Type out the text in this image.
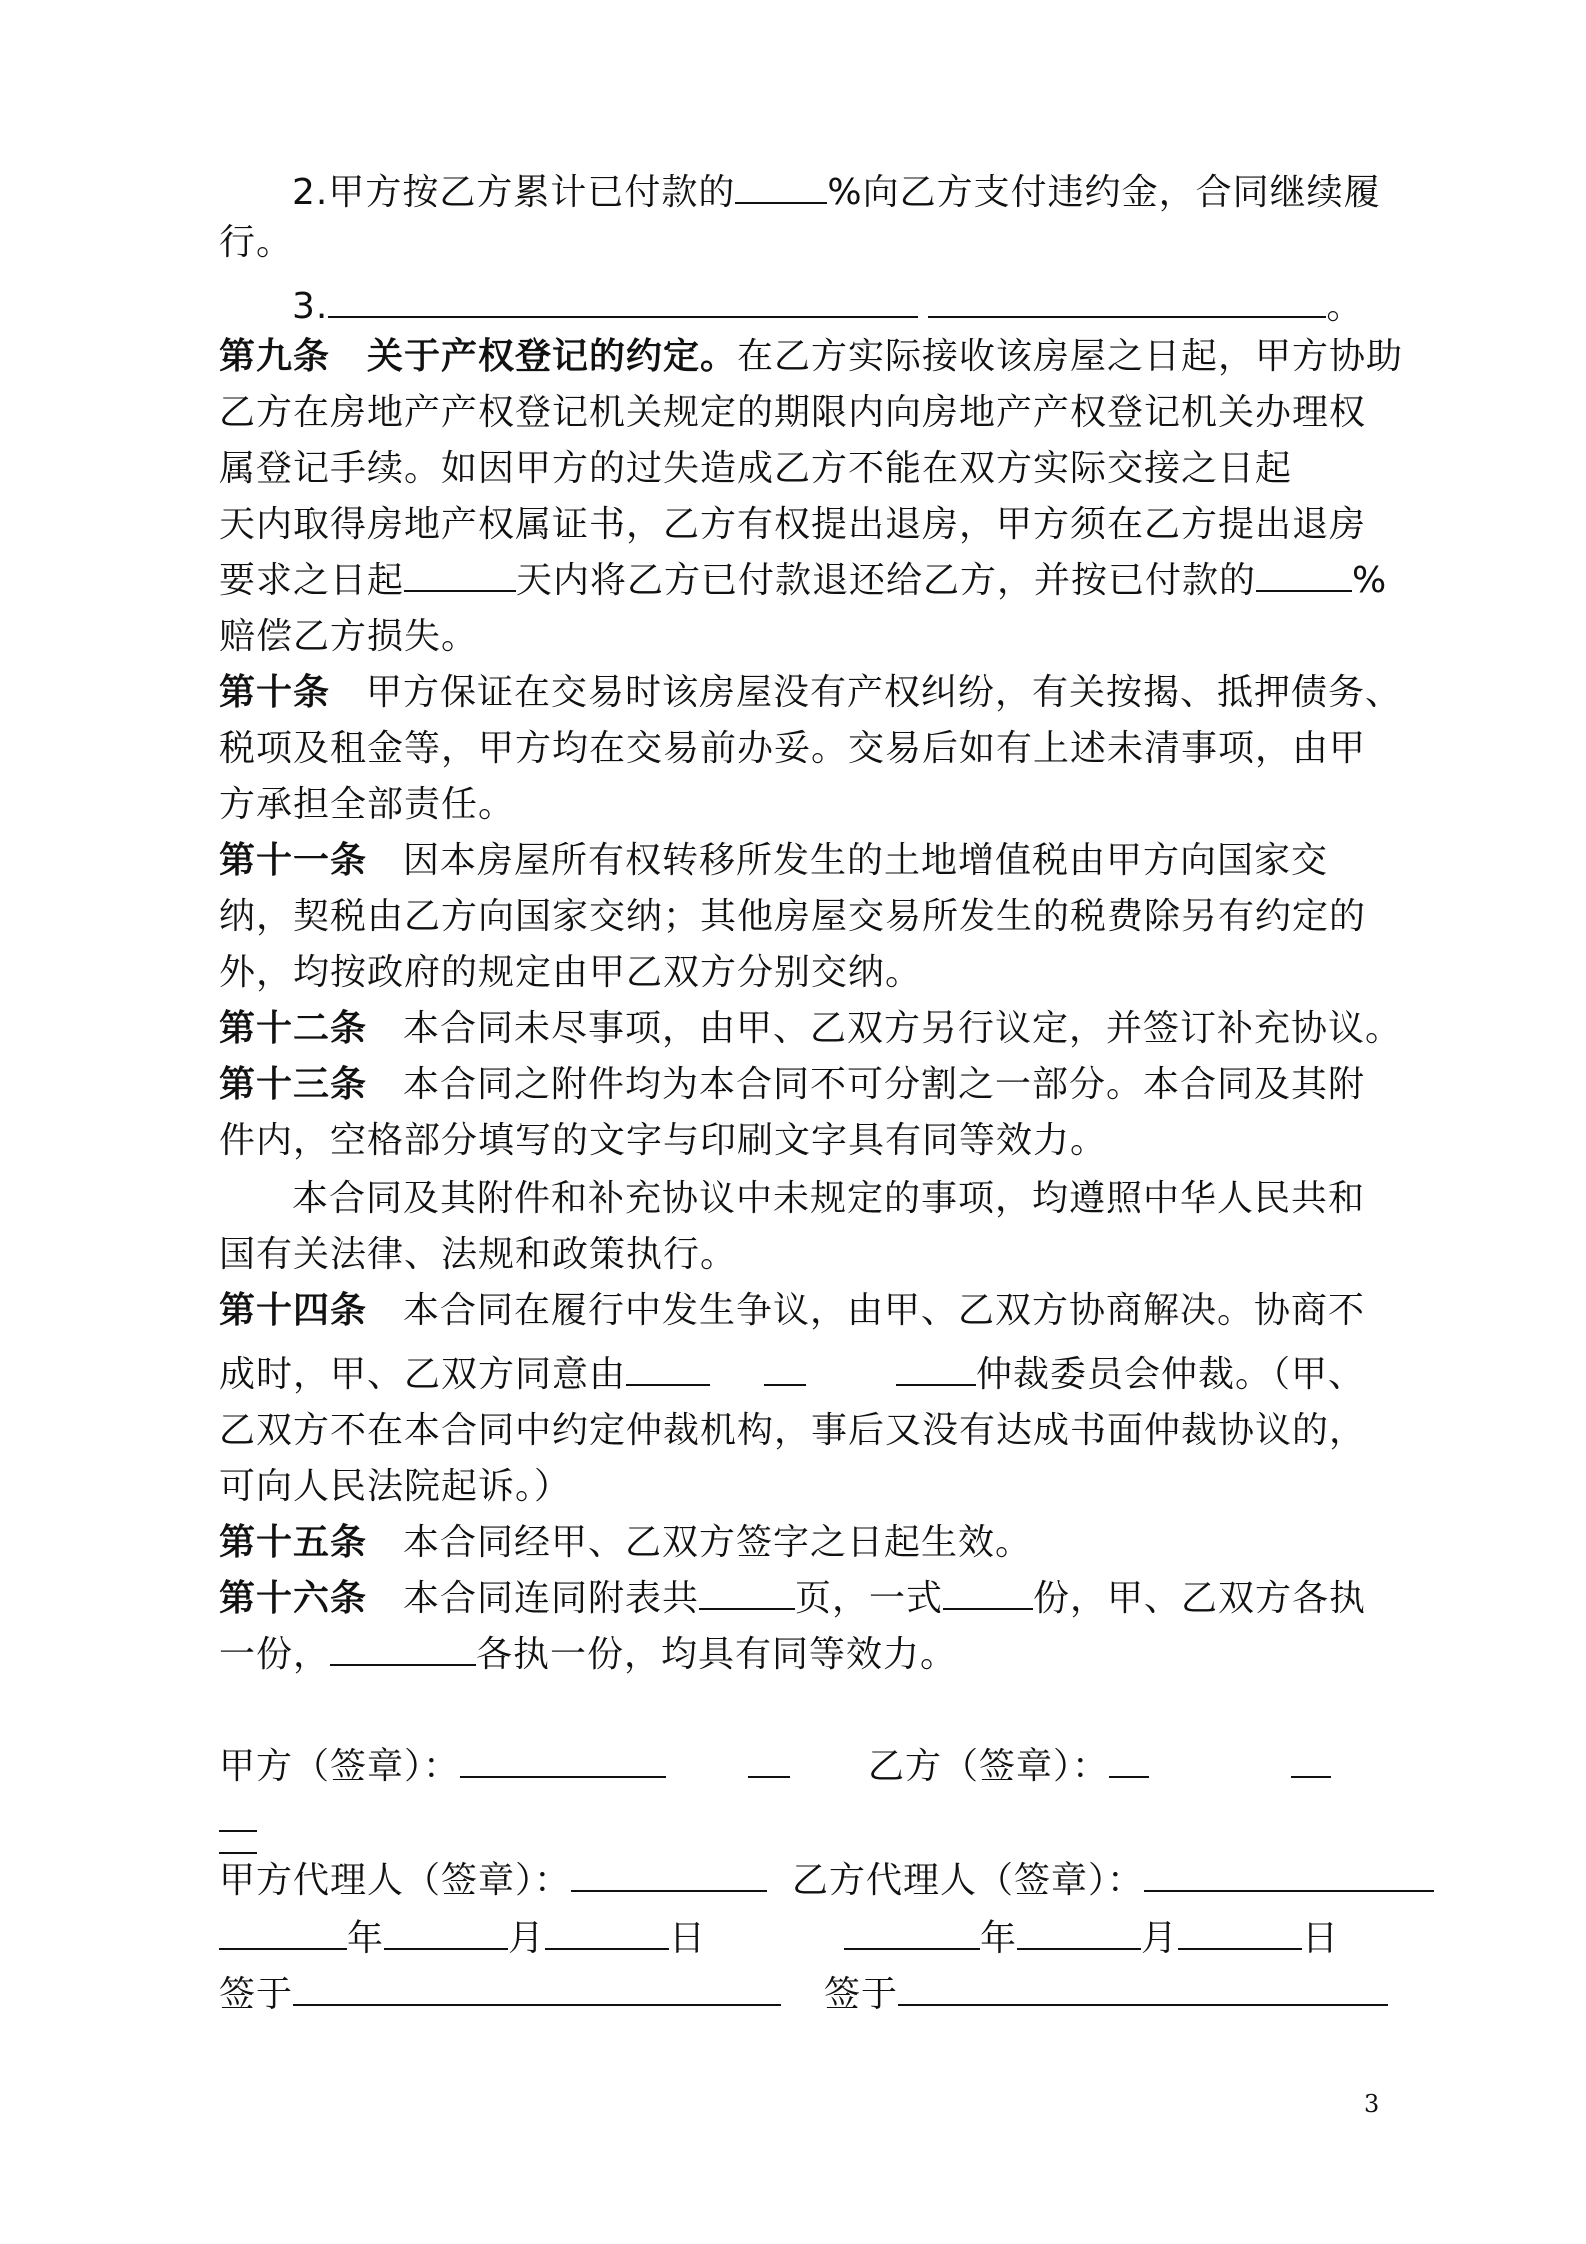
2.甲方按乙方累计已付款的	%向乙方支付违约金，合同继续履

行。

3.	。

第九条　关于产权登记的约定。在乙方实际接收该房屋之日起，甲方协助

乙方在房地产产权登记机关规定的期限内向房地产产权登记机关办理权

属登记手续。如因甲方的过失造成乙方不能在双方实际交接之日起

天内取得房地产权属证书，乙方有权提出退房，甲方须在乙方提出退房

要求之日起	天内将乙方已付款退还给乙方，并按已付款的	%

赔偿乙方损失。

第十条 甲方保证在交易时该房屋没有产权纠纷，有关按揭、抵押债务、

税项及租金等，甲方均在交易前办妥。交易后如有上述未清事项，由甲

方承担全部责任。

第十一条 因本房屋所有权转移所发生的土地增值税由甲方向国家交

纳，契税由乙方向国家交纳；其他房屋交易所发生的税费除另有约定的

外，均按政府的规定由甲乙双方分别交纳。

第十二条 本合同未尽事项，由甲、乙双方另行议定，并签订补充协议。

第十三条 本合同之附件均为本合同不可分割之一部分。本合同及其附

件内，空格部分填写的文字与印刷文字具有同等效力。

本合同及其附件和补充协议中未规定的事项，均遵照中华人民共和

国有关法律、法规和政策执行。

第十四条 本合同在履行中发生争议，由甲、乙双方协商解决。协商不

成时，甲、乙双方同意由	仲裁委员会仲裁。（甲、

乙双方不在本合同中约定仲裁机构，事后又没有达成书面仲裁协议的，

可向人民法院起诉。）

第十五条 本合同经甲、乙双方签字之日起生效。

第十六条 本合同连同附表共	页，一式	份，甲、乙双方各执

一份，	各执一份，均具有同等效力。

甲方（签章）：	乙方（签章）：

甲方代理人（签章）：	乙方代理人（签章）：

年	月	日	年	月	日

签于	签于

3
